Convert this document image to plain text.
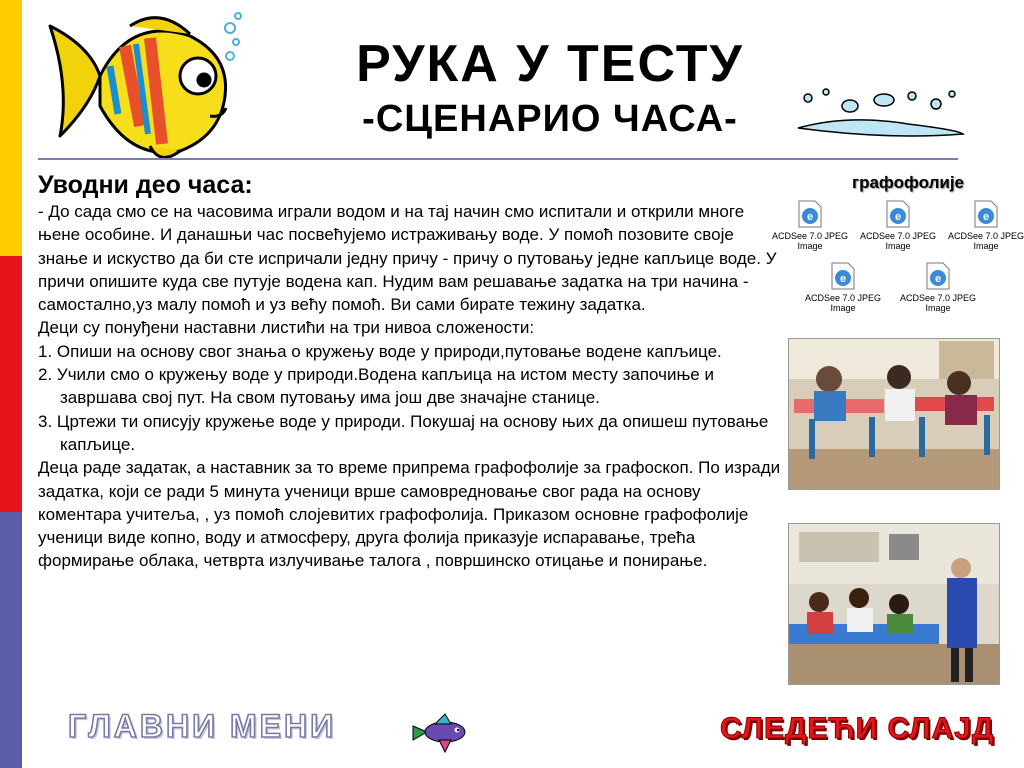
РУКА У ТЕСТУ
-СЦЕНАРИО ЧАСА-

Уводни део часа:

- До сада смо се на часовима играли водом и на тај начин смо испитали и открили многе њене особине. И данашњи час посвећујемо истраживању воде. У помоћ позовите своје знање и искуство да би сте испричали једну причу - причу о путовању једне капљице воде. У причи опишите куда све путује водена кап. Нудим вам решавање задатка на три начина - самостално,уз малу помоћ и уз већу помоћ. Ви сами бирате тежину задатка.

Деци су понуђени наставни листићи на три нивоа сложености:

1. Опиши на основу свог знања о кружењу воде у природи,путовање водене капљице.

2. Учили смо о кружењу воде у природи.Водена капљица на истом месту започиње и завршава свој пут. На свом путовању има још две значајне станице.

3. Цртежи ти описују кружење воде у природи. Покушај на основу њих да опишеш путовање капљице.

Деца раде задатак, а наставник за то време припрема графофолије за графоскоп. По изради задатка, који се ради 5 минута ученици врше самовредновање свог рада на основу коментара учитеља, , уз помоћ слојевитих графофолија. Приказом основне графофолије ученици виде копно, воду и атмосферу, друга фолија приказује испаравање, трећа формирање облака, четврта излучивање талога , површинско отицање и понирање.

графофолије
e
ACDSee 7.0 JPEG Image
e
ACDSee 7.0 JPEG Image
e
ACDSee 7.0 JPEG Image
e
ACDSee 7.0 JPEG Image
e
ACDSee 7.0 JPEG Image
ГЛАВНИ МЕНИ	СЛЕДЕЋИ СЛАЈД
